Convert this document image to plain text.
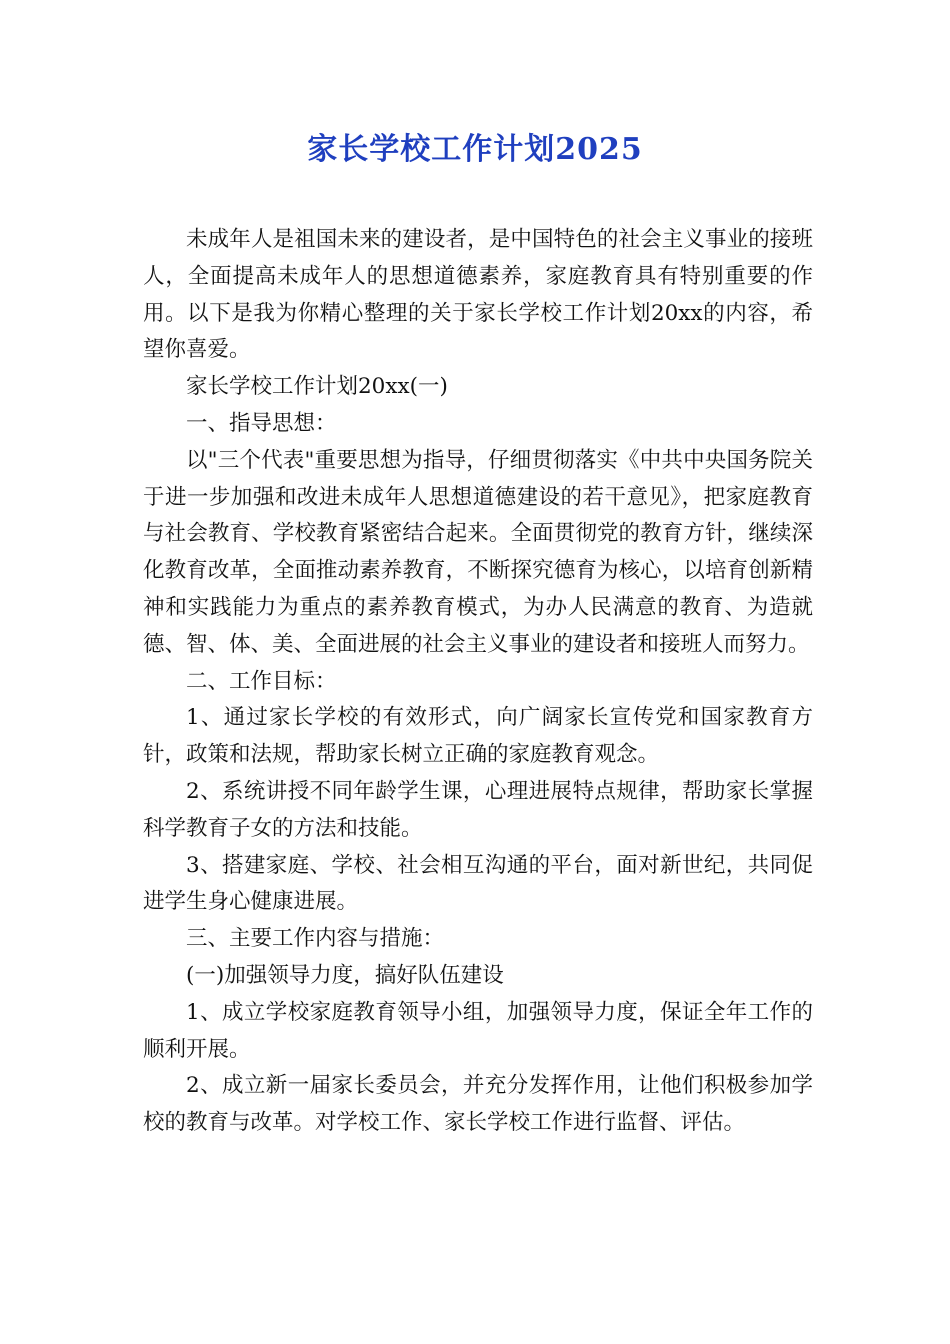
家长学校工作计划2025

未成年人是祖国未来的建设者，是中国特色的社会主义事业的接班人，全面提高未成年人的思想道德素养，家庭教育具有特别重要的作用。以下是我为你精心整理的关于家长学校工作计划20xx的内容，希望你喜爱。

家长学校工作计划20xx(一)

一、指导思想：

以"三个代表"重要思想为指导，仔细贯彻落实《中共中央国务院关于进一步加强和改进未成年人思想道德建设的若干意见》，把家庭教育与社会教育、学校教育紧密结合起来。全面贯彻党的教育方针，继续深化教育改革，全面推动素养教育，不断探究德育为核心，以培育创新精神和实践能力为重点的素养教育模式，为办人民满意的教育、为造就德、智、体、美、全面进展的社会主义事业的建设者和接班人而努力。

二、工作目标：

1、通过家长学校的有效形式，向广阔家长宣传党和国家教育方针，政策和法规，帮助家长树立正确的家庭教育观念。

2、系统讲授不同年龄学生课，心理进展特点规律，帮助家长掌握科学教育子女的方法和技能。

3、搭建家庭、学校、社会相互沟通的平台，面对新世纪，共同促进学生身心健康进展。

三、主要工作内容与措施：

(一)加强领导力度，搞好队伍建设

1、成立学校家庭教育领导小组，加强领导力度，保证全年工作的顺利开展。

2、成立新一届家长委员会，并充分发挥作用，让他们积极参加学校的教育与改革。对学校工作、家长学校工作进行监督、评估。
